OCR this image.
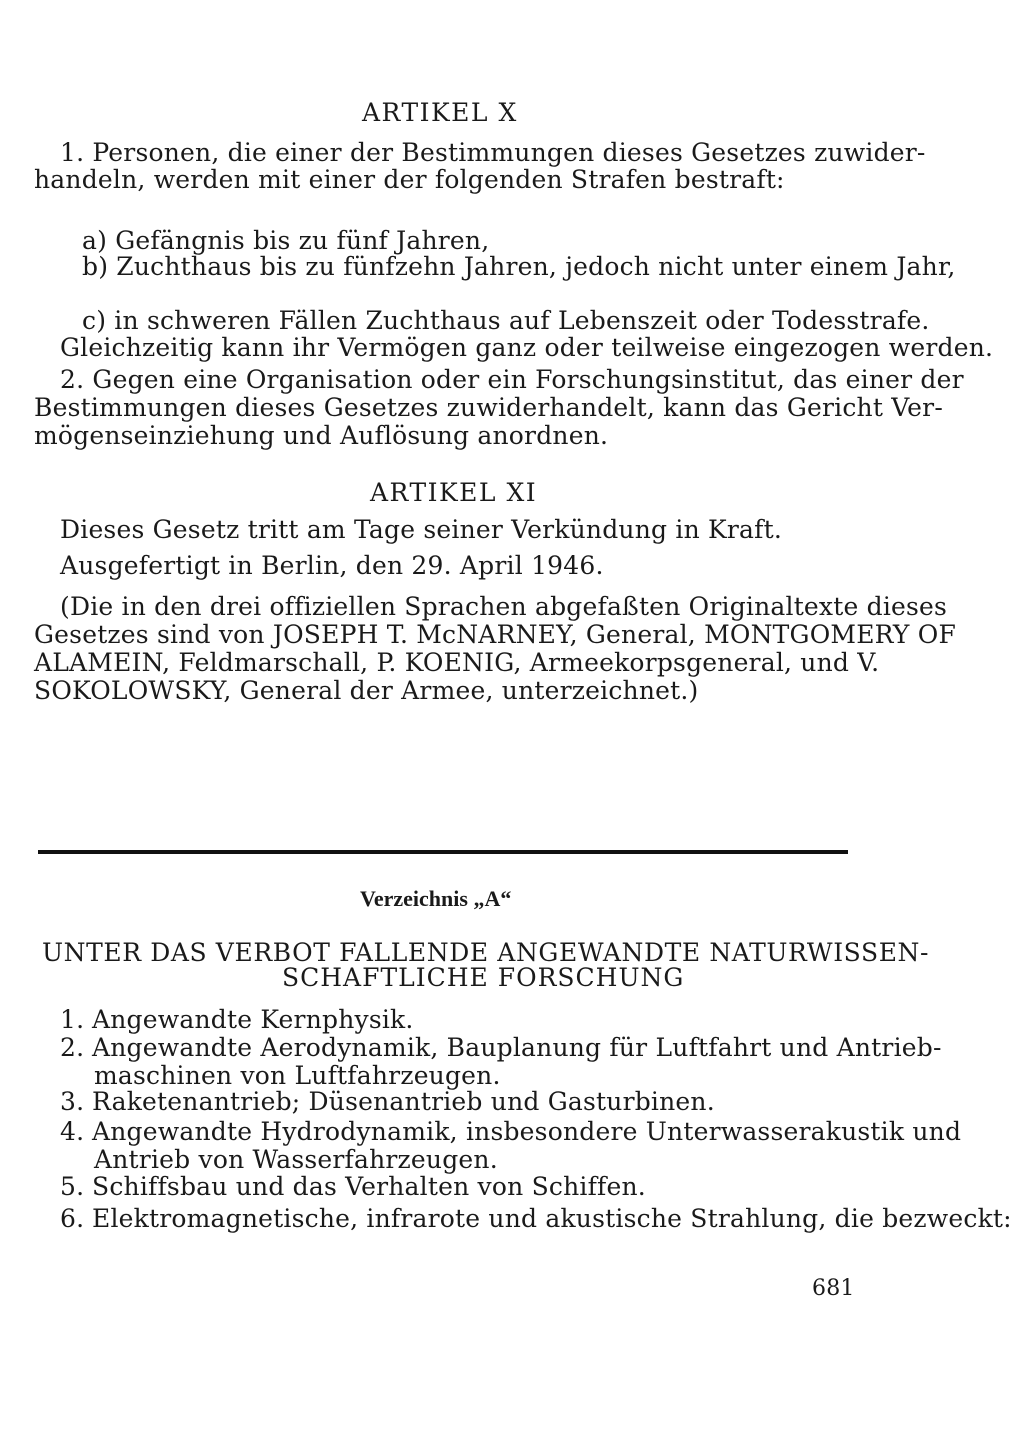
ARTIKEL X
1. Personen, die einer der Bestimmungen dieses Gesetzes zuwider-
handeln, werden mit einer der folgenden Strafen bestraft:
a) Gefängnis bis zu fünf Jahren,
b) Zuchthaus bis zu fünfzehn Jahren, jedoch nicht unter einem Jahr,
c) in schweren Fällen Zuchthaus auf Lebenszeit oder Todesstrafe.
Gleichzeitig kann ihr Vermögen ganz oder teilweise eingezogen werden.
2. Gegen eine Organisation oder ein Forschungsinstitut, das einer der
Bestimmungen dieses Gesetzes zuwiderhandelt, kann das Gericht Ver-
mögenseinziehung und Auflösung anordnen.
ARTIKEL XI
Dieses Gesetz tritt am Tage seiner Verkündung in Kraft.
Ausgefertigt in Berlin, den 29. April 1946.
(Die in den drei offiziellen Sprachen abgefaßten Originaltexte dieses
Gesetzes sind von JOSEPH T. McNARNEY, General, MONTGOMERY OF
ALAMEIN, Feldmarschall, P. KOENIG, Armeekorpsgeneral, und V.
SOKOLOWSKY, General der Armee, unterzeichnet.)
Verzeichnis „A“
UNTER DAS VERBOT FALLENDE ANGEWANDTE NATURWISSEN-
SCHAFTLICHE FORSCHUNG
1. Angewandte Kernphysik.
2. Angewandte Aerodynamik, Bauplanung für Luftfahrt und Antrieb-
maschinen von Luftfahrzeugen.
3. Raketenantrieb; Düsenantrieb und Gasturbinen.
4. Angewandte Hydrodynamik, insbesondere Unterwasserakustik und
Antrieb von Wasserfahrzeugen.
5. Schiffsbau und das Verhalten von Schiffen.
6. Elektromagnetische, infrarote und akustische Strahlung, die bezweckt:
681
